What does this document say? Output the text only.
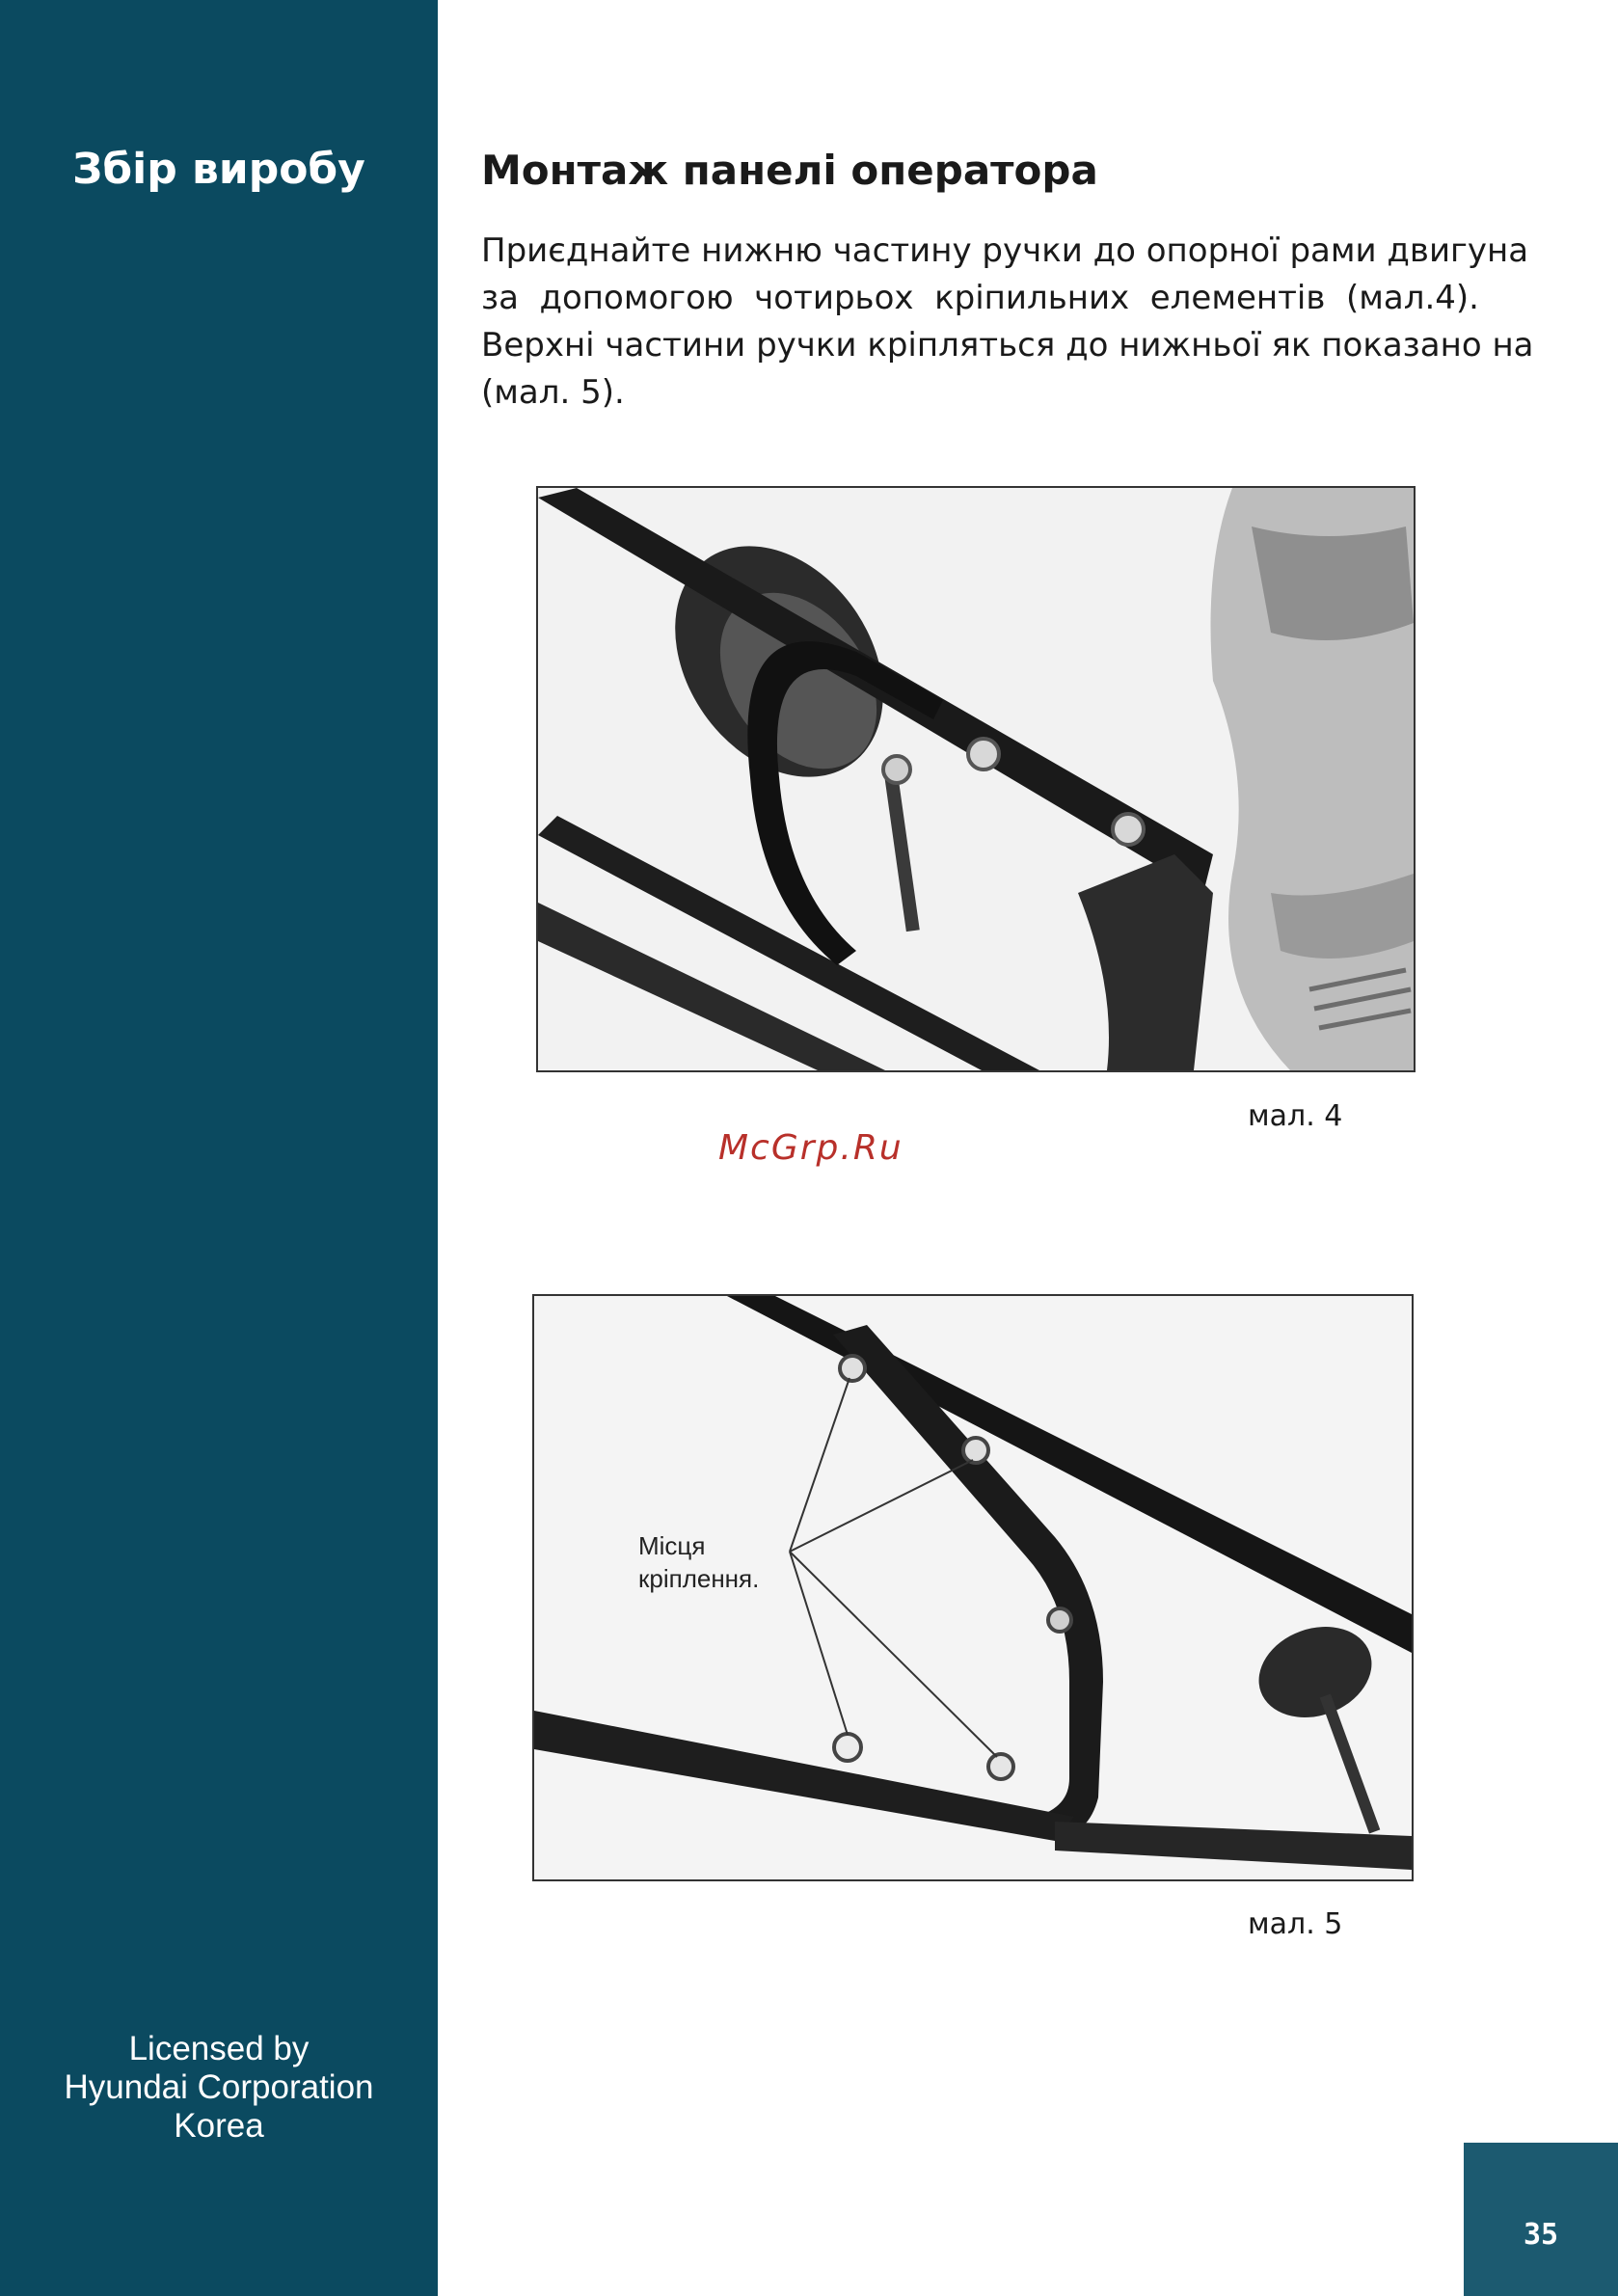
Збір виробу
Licensed by
Hyundai Corporation
Korea
Монтаж панелі оператора
Приєднайте нижню частину ручки до опорної рами двигуна
за допомогою чотирьох кріпильних елементів (мал.4).
Верхні частини ручки кріпляться до нижньої як показано на
(мал. 5).
мал. 4
McGrp.Ru
Місця
кріплення.
мал. 5
35
